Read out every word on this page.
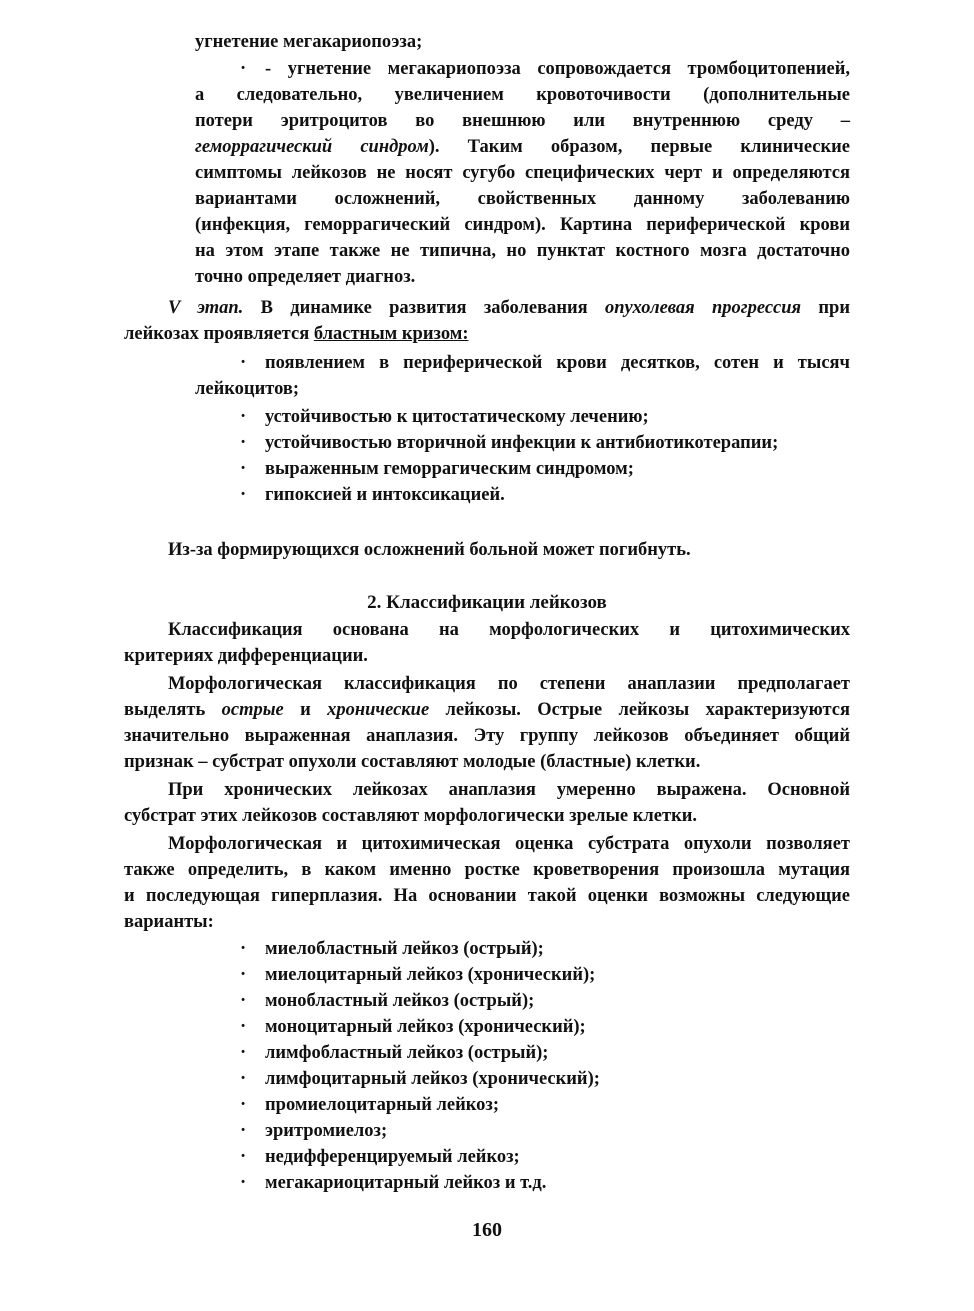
угнетение мегакариопоэза;
· - угнетение мегакариопоэза сопровождается тромбоцитопенией,
а следовательно, увеличением кровоточивости (дополнительные
потери эритроцитов во внешнюю или внутреннюю среду –
геморрагический синдром). Таким образом, первые клинические
симптомы лейкозов не носят сугубо специфических черт и определяются
вариантами осложнений, свойственных данному заболеванию
(инфекция, геморрагический синдром). Картина периферической крови
на этом этапе также не типична, но пунктат костного мозга достаточно
точно определяет диагноз.
V этап. В динамике развития заболевания опухолевая прогрессия при
лейкозах проявляется бластным кризом:
· появлением в периферической крови десятков, сотен и тысяч
лейкоцитов;
· устойчивостью к цитостатическому лечению;
· устойчивостью вторичной инфекции к антибиотикотерапии;
· выраженным геморрагическим синдромом;
· гипоксией и интоксикацией.
Из-за формирующихся осложнений больной может погибнуть.
2. Классификации лейкозов
Классификация основана на морфологических и цитохимических
критериях дифференциации.
Морфологическая классификация по степени анаплазии предполагает
выделять острые и хронические лейкозы. Острые лейкозы характеризуются
значительно выраженная анаплазия. Эту группу лейкозов объединяет общий
признак – субстрат опухоли составляют молодые (бластные) клетки.
При хронических лейкозах анаплазия умеренно выражена. Основной
субстрат этих лейкозов составляют морфологически зрелые клетки.
Морфологическая и цитохимическая оценка субстрата опухоли позволяет
также определить, в каком именно ростке кроветворения произошла мутация
и последующая гиперплазия. На основании такой оценки возможны следующие
варианты:
· миелобластный лейкоз (острый);
· миелоцитарный лейкоз (хронический);
· монобластный лейкоз (острый);
· моноцитарный лейкоз (хронический);
· лимфобластный лейкоз (острый);
· лимфоцитарный лейкоз (хронический);
· промиелоцитарный лейкоз;
· эритромиелоз;
· недифференцируемый лейкоз;
· мегакариоцитарный лейкоз и т.д.
160
